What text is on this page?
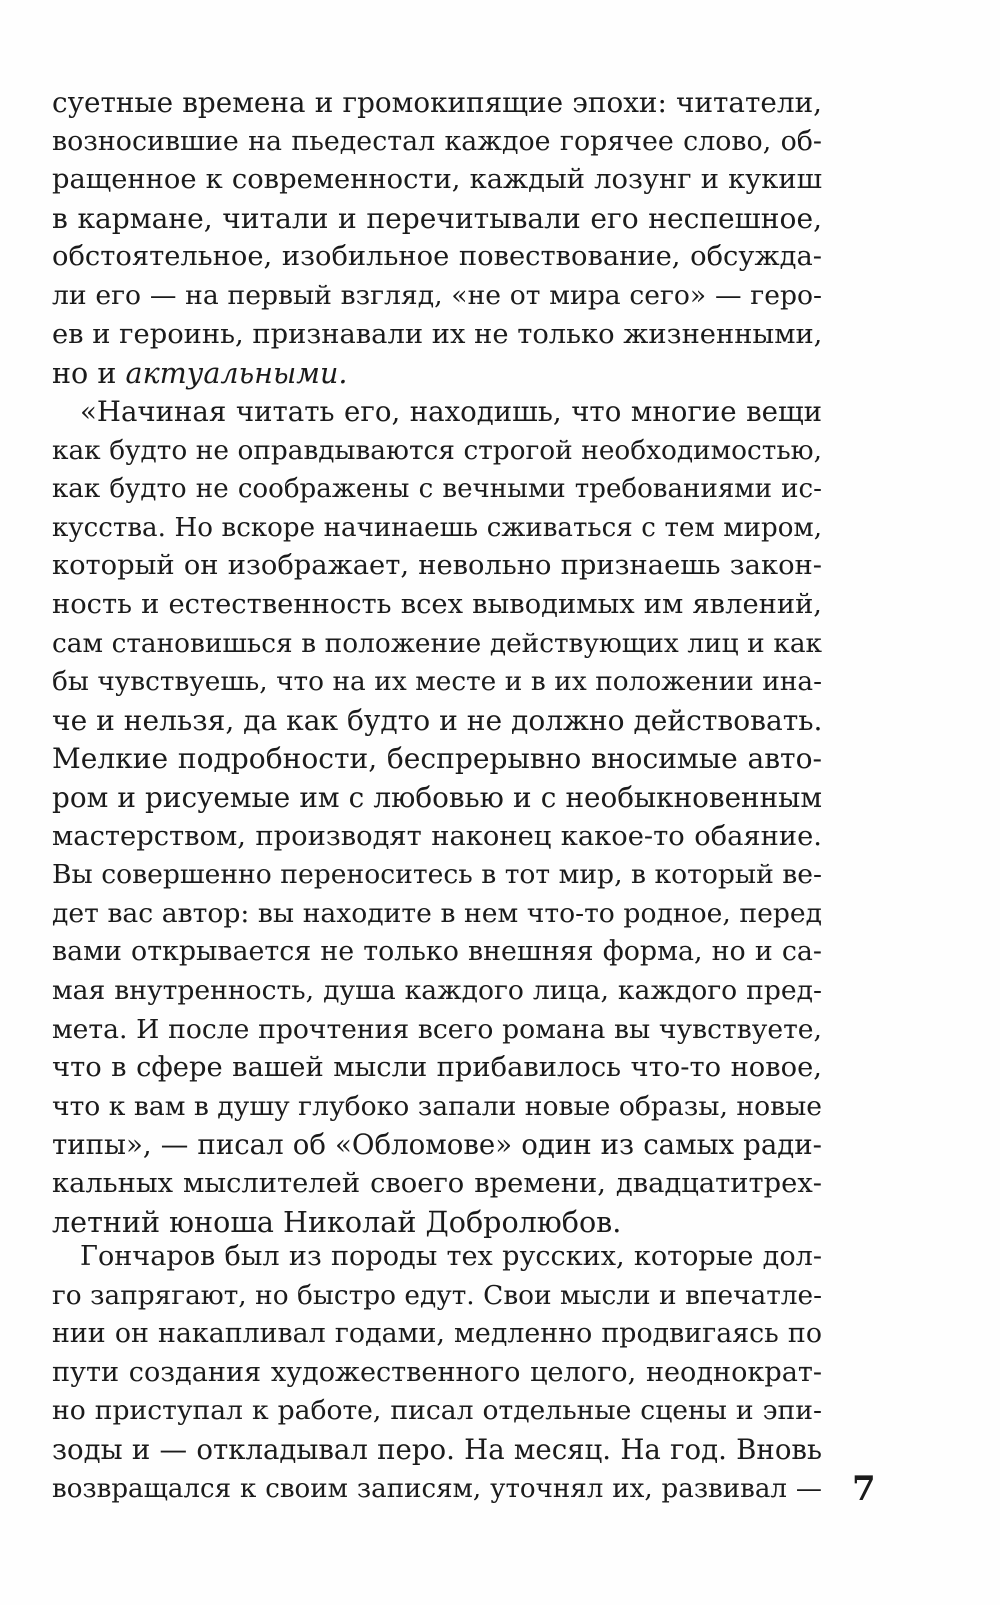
суетные времена и громокипящие эпохи: читатели,
возносившие на пьедестал каждое горячее слово, об-
ращенное к современности, каждый лозунг и кукиш
в кармане, читали и перечитывали его неспешное,
обстоятельное, изобильное повествование, обсужда-
ли его — на первый взгляд, «не от мира сего» — геро-
ев и героинь, признавали их не только жизненными,
но и актуальными.
«Начиная читать его, находишь, что многие вещи
как будто не оправдываются строгой необходимостью,
как будто не соображены с вечными требованиями ис-
кусства. Но вскоре начинаешь сживаться с тем миром,
который он изображает, невольно признаешь закон-
ность и естественность всех выводимых им явлений,
сам становишься в положение действующих лиц и как
бы чувствуешь, что на их месте и в их положении ина-
че и нельзя, да как будто и не должно действовать.
Мелкие подробности, беспрерывно вносимые авто-
ром и рисуемые им с любовью и с необыкновенным
мастерством, производят наконец какое-то обаяние.
Вы совершенно переноситесь в тот мир, в который ве-
дет вас автор: вы находите в нем что-то родное, перед
вами открывается не только внешняя форма, но и са-
мая внутренность, душа каждого лица, каждого пред-
мета. И после прочтения всего романа вы чувствуете,
что в сфере вашей мысли прибавилось что-то новое,
что к вам в душу глубоко запали новые образы, новые
типы», — писал об «Обломове» один из самых ради-
кальных мыслителей своего времени, двадцатитрех-
летний юноша Николай Добролюбов.
Гончаров был из породы тех русских, которые дол-
го запрягают, но быстро едут. Свои мысли и впечатле-
нии он накапливал годами, медленно продвигаясь по
пути создания художественного целого, неоднократ-
но приступал к работе, писал отдельные сцены и эпи-
зоды и — откладывал перо. На месяц. На год. Вновь
возвращался к своим записям, уточнял их, развивал — 7
